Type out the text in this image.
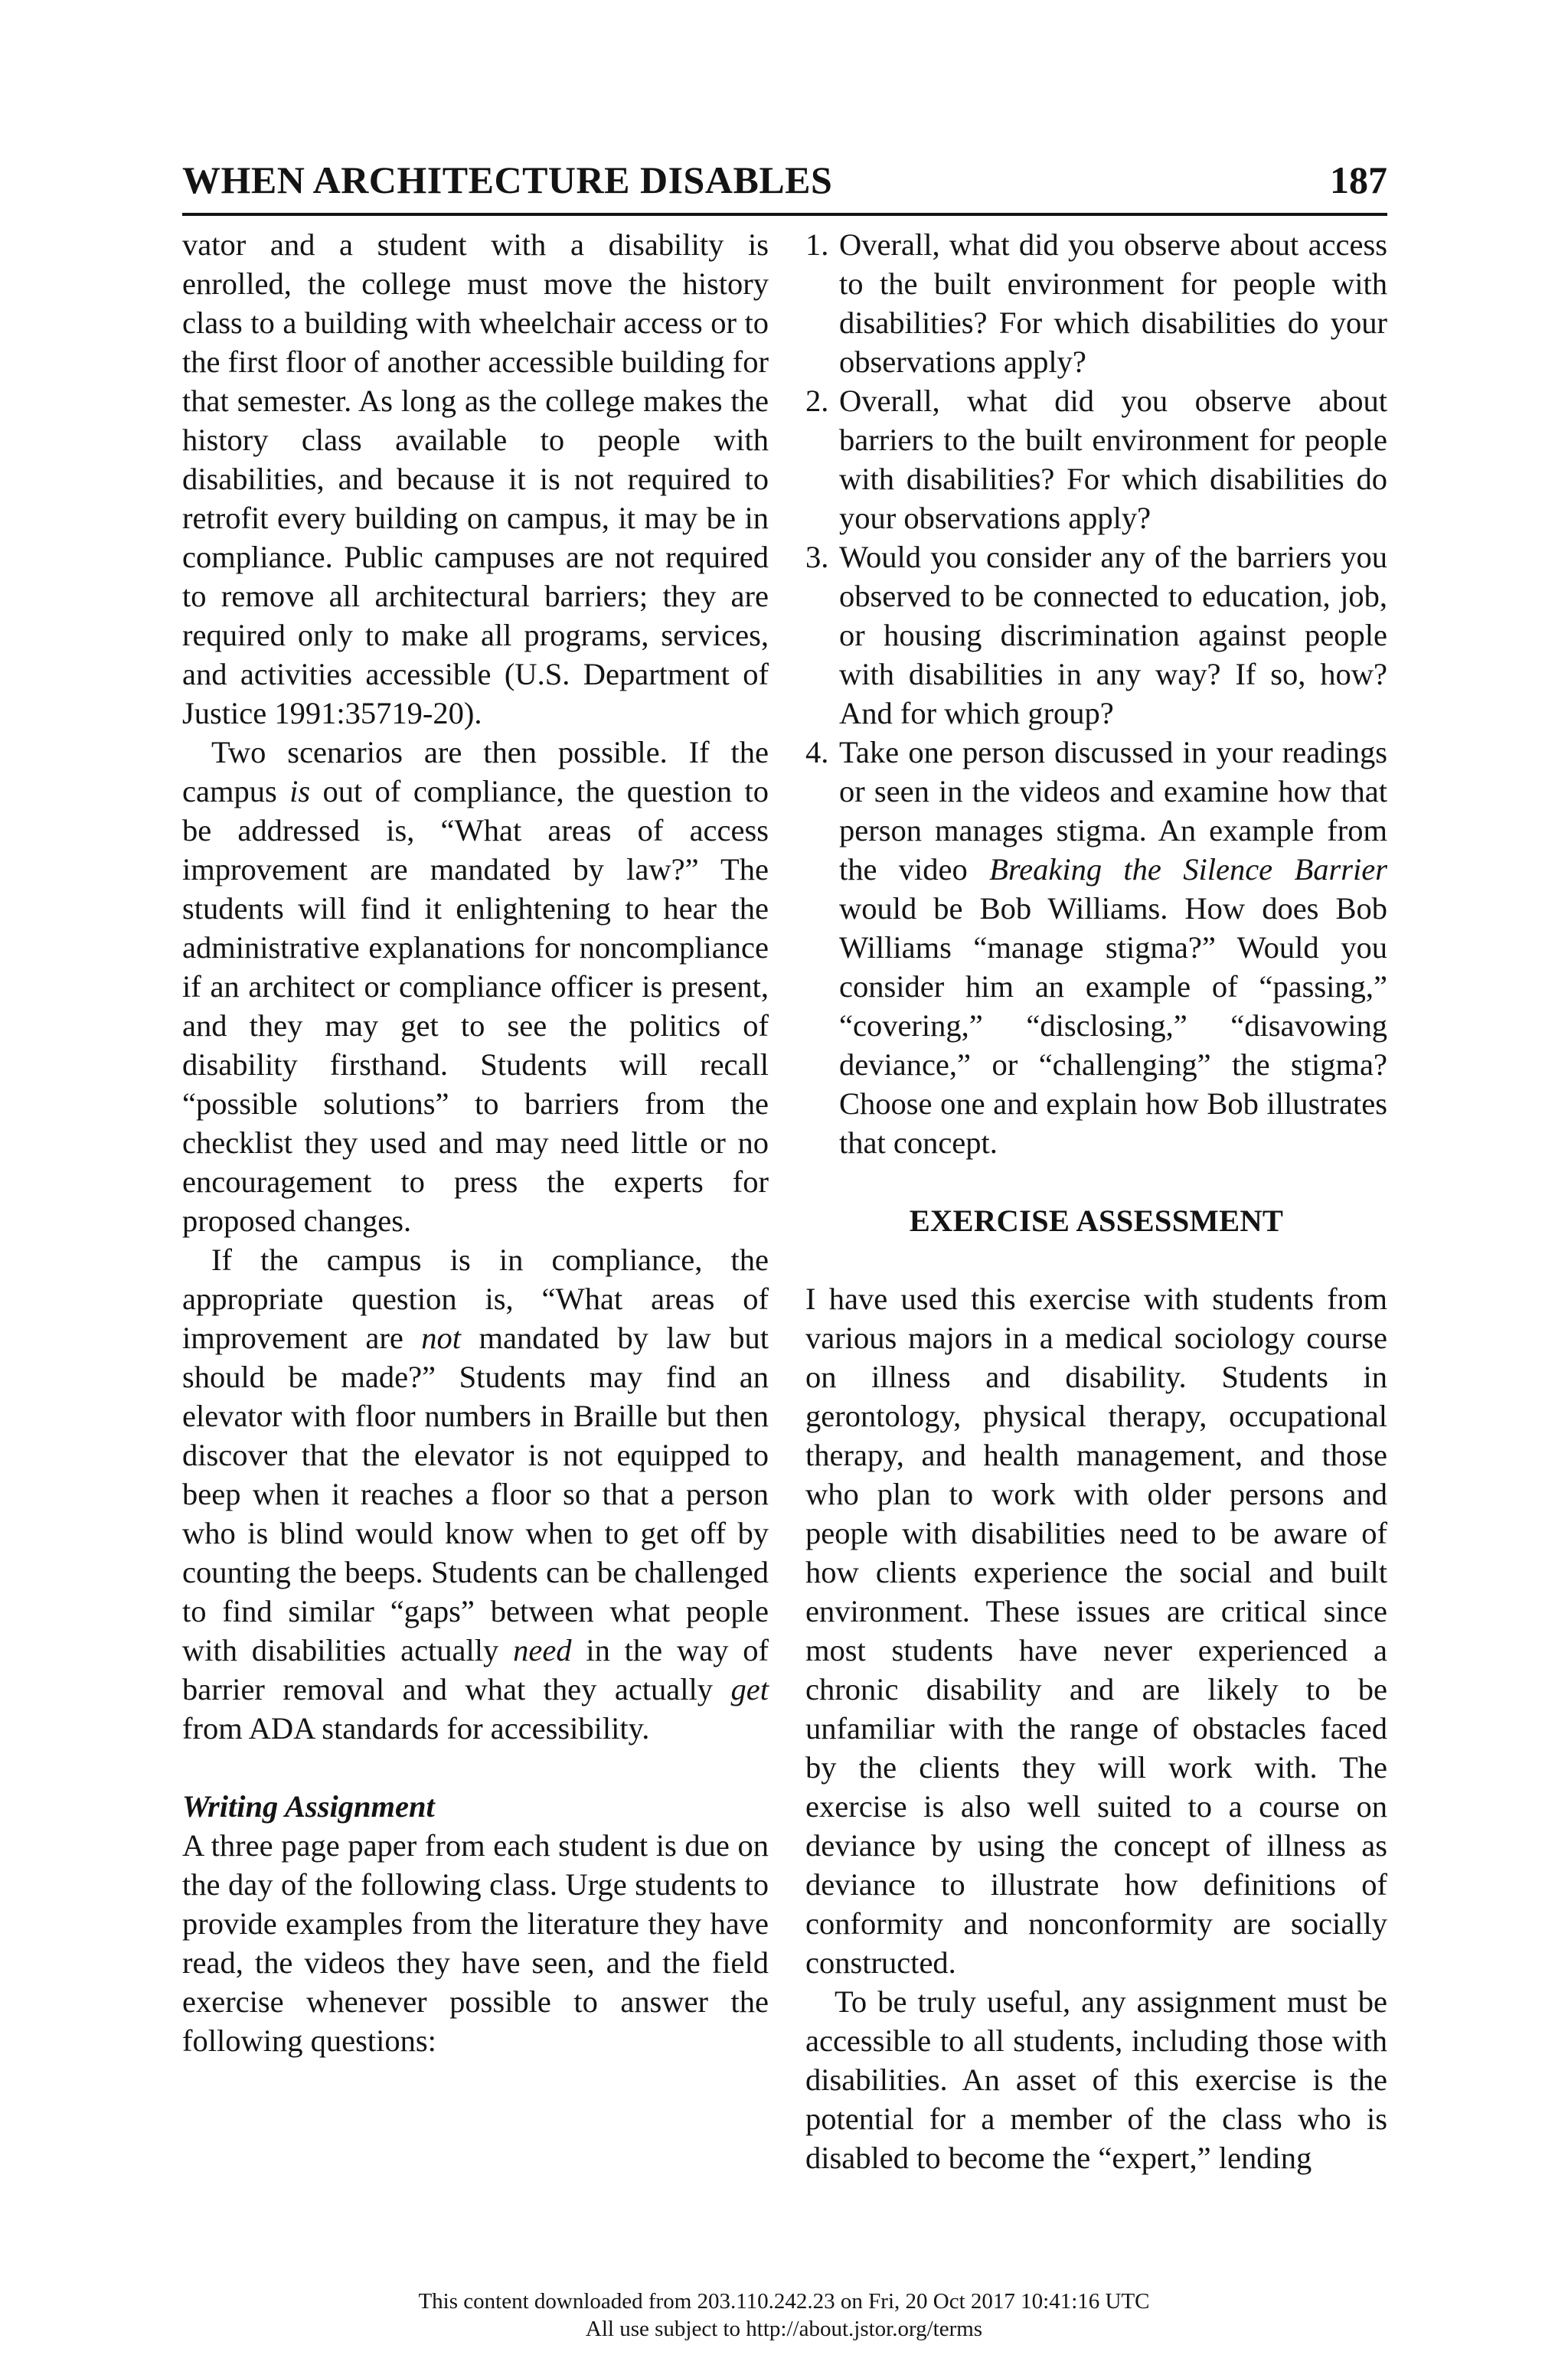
WHEN ARCHITECTURE DISABLES	187

vator and a student with a disability is enrolled, the college must move the history class to a building with wheelchair access or to the first floor of another accessible building for that semester. As long as the college makes the history class available to people with disabilities, and because it is not required to retrofit every building on campus, it may be in compliance. Public campuses are not required to remove all architectural barriers; they are required only to make all programs, services, and activities accessible (U.S. Department of Justice 1991:35719-20).

Two scenarios are then possible. If the campus is out of compliance, the question to be addressed is, “What areas of access improvement are mandated by law?” The students will find it enlightening to hear the administrative explanations for noncompliance if an architect or compliance officer is present, and they may get to see the politics of disability firsthand. Students will recall “possible solutions” to barriers from the checklist they used and may need little or no encouragement to press the experts for proposed changes.

If the campus is in compliance, the appropriate question is, “What areas of improvement are not mandated by law but should be made?” Students may find an elevator with floor numbers in Braille but then discover that the elevator is not equipped to beep when it reaches a floor so that a person who is blind would know when to get off by counting the beeps. Students can be challenged to find similar “gaps” between what people with disabilities actually need in the way of barrier removal and what they actually get from ADA standards for accessibility.

Writing Assignment

A three page paper from each student is due on the day of the following class. Urge students to provide examples from the literature they have read, the videos they have seen, and the field exercise whenever possible to answer the following questions:

1. Overall, what did you observe about access to the built environment for people with disabilities? For which disabilities do your observations apply?
2. Overall, what did you observe about barriers to the built environment for people with disabilities? For which disabilities do your observations apply?
3. Would you consider any of the barriers you observed to be connected to education, job, or housing discrimination against people with disabilities in any way? If so, how? And for which group?
4. Take one person discussed in your readings or seen in the videos and examine how that person manages stigma. An example from the video Breaking the Silence Barrier would be Bob Williams. How does Bob Williams “manage stigma?” Would you consider him an example of “passing,” “covering,” “disclosing,” “disavowing deviance,” or “challenging” the stigma? Choose one and explain how Bob illustrates that concept.

EXERCISE ASSESSMENT

I have used this exercise with students from various majors in a medical sociology course on illness and disability. Students in gerontology, physical therapy, occupational therapy, and health management, and those who plan to work with older persons and people with disabilities need to be aware of how clients experience the social and built environment. These issues are critical since most students have never experienced a chronic disability and are likely to be unfamiliar with the range of obstacles faced by the clients they will work with. The exercise is also well suited to a course on deviance by using the concept of illness as deviance to illustrate how definitions of conformity and nonconformity are socially constructed.

To be truly useful, any assignment must be accessible to all students, including those with disabilities. An asset of this exercise is the potential for a member of the class who is disabled to become the “expert,” lending

This content downloaded from 203.110.242.23 on Fri, 20 Oct 2017 10:41:16 UTC
All use subject to http://about.jstor.org/terms
